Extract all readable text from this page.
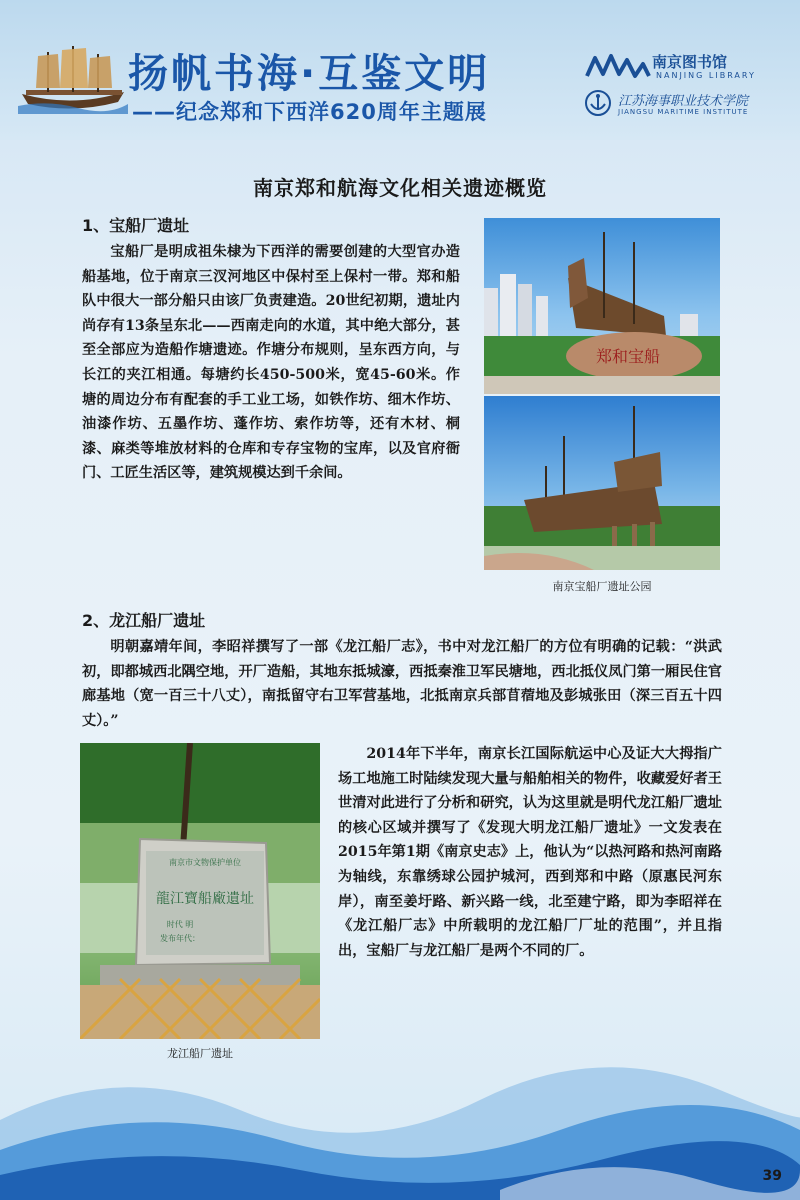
扬帆书海·互鉴文明
——纪念郑和下西洋620周年主题展
南京图书馆
NANJING LIBRARY
江苏海事职业技术学院
JIANGSU MARITIME INSTITUTE
南京郑和航海文化相关遗迹概览
1、宝船厂遗址
宝船厂是明成祖朱棣为下西洋的需要创建的大型官办造船基地，位于南京三汊河地区中保村至上保村一带。郑和船队中很大一部分船只由该厂负责建造。20世纪初期，遗址内尚存有13条呈东北——西南走向的水道，其中绝大部分，甚至全部应为造船作塘遗迹。作塘分布规则，呈东西方向，与长江的夹江相通。每塘约长450-500米，宽45-60米。作塘的周边分布有配套的手工业工场，如铁作坊、细木作坊、油漆作坊、五墨作坊、蓬作坊、索作坊等，还有木材、桐漆、麻类等堆放材料的仓库和专存宝物的宝库，以及官府衙门、工匠生活区等，建筑规模达到千余间。
郑和宝船
南京宝船厂遗址公园
2、龙江船厂遗址
明朝嘉靖年间，李昭祥撰写了一部《龙江船厂志》，书中对龙江船厂的方位有明确的记载：“洪武初，即都城西北隅空地，开厂造船，其地东抵城濠，西抵秦淮卫军民塘地，西北抵仪凤门第一厢民住官廊基地（宽一百三十八丈），南抵留守右卫军营基地，北抵南京兵部苜蓿地及彭城张田（深三百五十四丈）。”
南京市文物保护单位
龍江寶船廠遺址
时代 明
发布年代：
龙江船厂遗址
2014年下半年，南京长江国际航运中心及证大大拇指广场工地施工时陆续发现大量与船舶相关的物件，收藏爱好者王世清对此进行了分析和研究，认为这里就是明代龙江船厂遗址的核心区域并撰写了《发现大明龙江船厂遗址》一文发表在2015年第1期《南京史志》上，他认为“以热河路和热河南路为轴线，东靠绣球公园护城河，西到郑和中路（原惠民河东岸），南至姜圩路、新兴路一线，北至建宁路，即为李昭祥在《龙江船厂志》中所载明的龙江船厂厂址的范围”，并且指出，宝船厂与龙江船厂是两个不同的厂。
39
